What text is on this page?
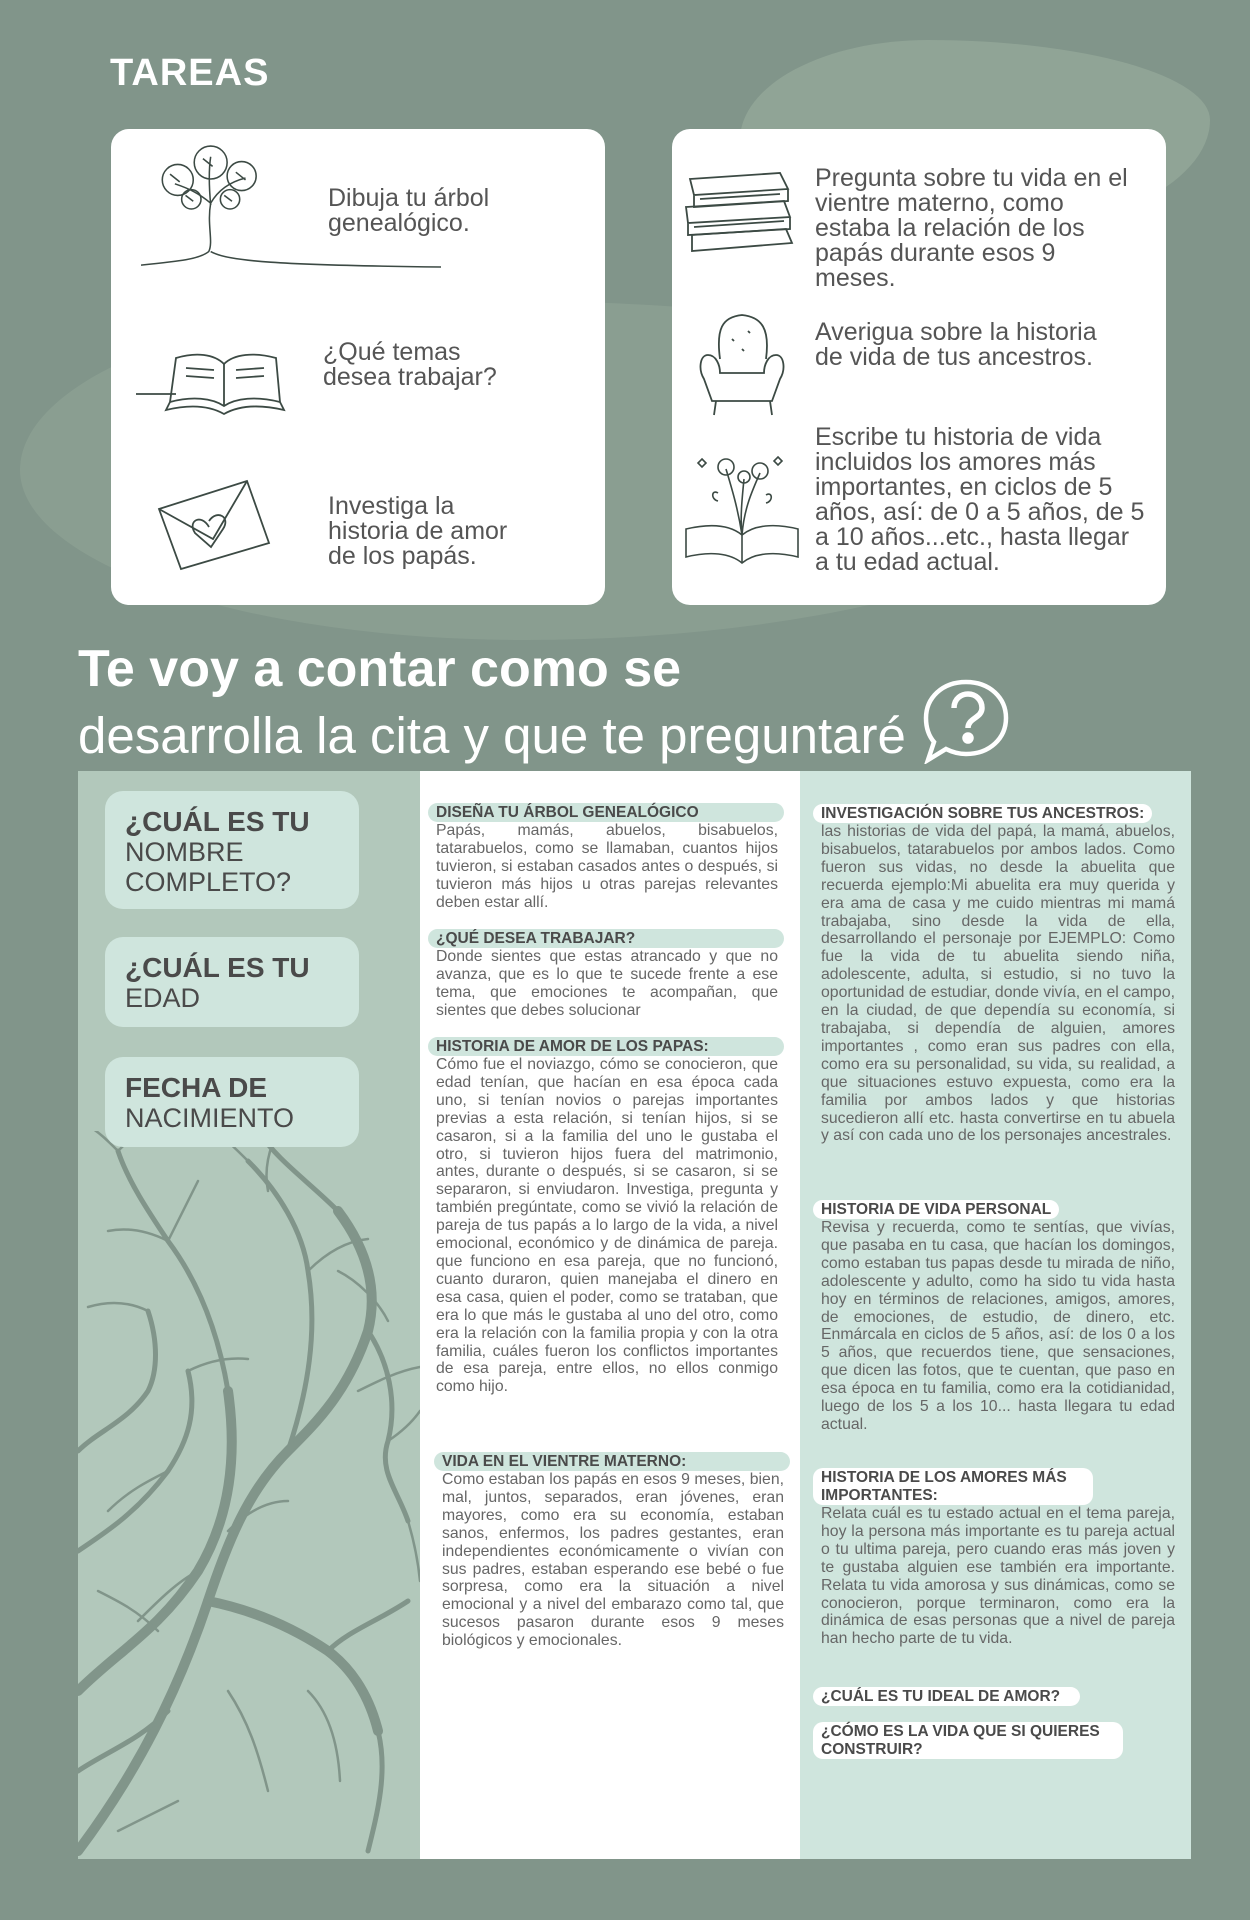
TAREAS
Dibuja tu árbol genealógico.
¿Qué temas desea trabajar?
Investiga la historia de amor de los papás.
Pregunta sobre tu vida en el vientre materno, como estaba la relación de los papás durante esos 9 meses.
Averigua sobre la historia de vida de tus ancestros.
Escribe tu historia de vida incluidos los amores más importantes, en ciclos de 5 años, así: de 0 a 5 años, de 5 a 10 años...etc., hasta llegar a tu edad actual.
Te voy a contar como se
desarrolla la cita y que te preguntaré
¿CUÁL ES TU
NOMBRE COMPLETO?
¿CUÁL ES TU EDAD
FECHA DE
NACIMIENTO
DISEÑA TU ÁRBOL GENEALÓGICO
Papás, mamás, abuelos, bisabuelos, tatarabuelos, como se llamaban, cuantos hijos tuvieron, si estaban casados antes o después, si tuvieron más hijos u otras parejas relevantes deben estar allí.
¿QUÉ DESEA TRABAJAR?
Donde sientes que estas atrancado y que no avanza, que es lo que te sucede frente a ese tema, que emociones te acompañan, que sientes que debes solucionar
HISTORIA DE AMOR DE LOS PAPAS:
Cómo fue el noviazgo, cómo se conocieron, que edad tenían, que hacían en esa época cada uno, si tenían novios o parejas importantes previas a esta relación, si tenían hijos, si se casaron, si a la familia del uno le gustaba el otro, si tuvieron hijos fuera del matrimonio, antes, durante o después, si se casaron, si se separaron, si enviudaron. Investiga, pregunta y también pregúntate, como se vivió la relación de pareja de tus papás a lo largo de la vida, a nivel emocional, económico y de dinámica de pareja. que funciono en esa pareja, que no funcionó, cuanto duraron, quien manejaba el dinero en esa casa, quien el poder, como se trataban, que era lo que más le gustaba al uno del otro, como era la relación con la familia propia y con la otra familia, cuáles fueron los conflictos importantes de esa pareja, entre ellos, no ellos conmigo como hijo.
VIDA EN EL VIENTRE MATERNO:
Como estaban los papás en esos 9 meses, bien, mal, juntos, separados, eran jóvenes, eran mayores, como era su economía, estaban sanos, enfermos, los padres gestantes, eran independientes económicamente o vivían con sus padres, estaban esperando ese bebé o fue sorpresa, como era la situación a nivel emocional y a nivel del embarazo como tal, que sucesos pasaron durante esos 9 meses biológicos y emocionales.
INVESTIGACIÓN SOBRE TUS ANCESTROS:
las historias de vida del papá, la mamá, abuelos, bisabuelos, tatarabuelos por ambos lados. Como fueron sus vidas, no desde la abuelita que recuerda ejemplo:Mi abuelita era muy querida y era ama de casa y me cuido mientras mi mamá trabajaba, sino desde la vida de ella, desarrollando el personaje por EJEMPLO: Como fue la vida de tu abuelita siendo niña, adolescente, adulta, si estudio, si no tuvo la oportunidad de estudiar, donde vivía, en el campo, en la ciudad, de que dependía su economía, si trabajaba, si dependía de alguien, amores importantes , como eran sus padres con ella, como era su personalidad, su vida, su realidad, a que situaciones estuvo expuesta, como era la familia por ambos lados y que historias sucedieron allí etc. hasta convertirse en tu abuela y así con cada uno de los personajes ancestrales.
HISTORIA DE VIDA PERSONAL
Revisa y recuerda, como te sentías, que vivías, que pasaba en tu casa, que hacían los domingos, como estaban tus papas desde tu mirada de niño, adolescente y adulto, como ha sido tu vida hasta hoy en términos de relaciones, amigos, amores, de emociones, de estudio, de dinero, etc. Enmárcala en ciclos de 5 años, así: de los 0 a los 5 años, que recuerdos tiene, que sensaciones, que dicen las fotos, que te cuentan, que paso en esa época en tu familia, como era la cotidianidad, luego de los 5 a los 10... hasta llegara tu edad actual.
HISTORIA DE LOS AMORES MÁS IMPORTANTES:
Relata cuál es tu estado actual en el tema pareja, hoy la persona más importante es tu pareja actual o tu ultima pareja, pero cuando eras más joven y te gustaba alguien ese también era importante. Relata tu vida amorosa y sus dinámicas, como se conocieron, porque terminaron, como era la dinámica de esas personas que a nivel de pareja han hecho parte de tu vida.
¿CUÁL ES TU IDEAL DE AMOR?
¿CÓMO ES LA VIDA QUE SI QUIERES CONSTRUIR?
